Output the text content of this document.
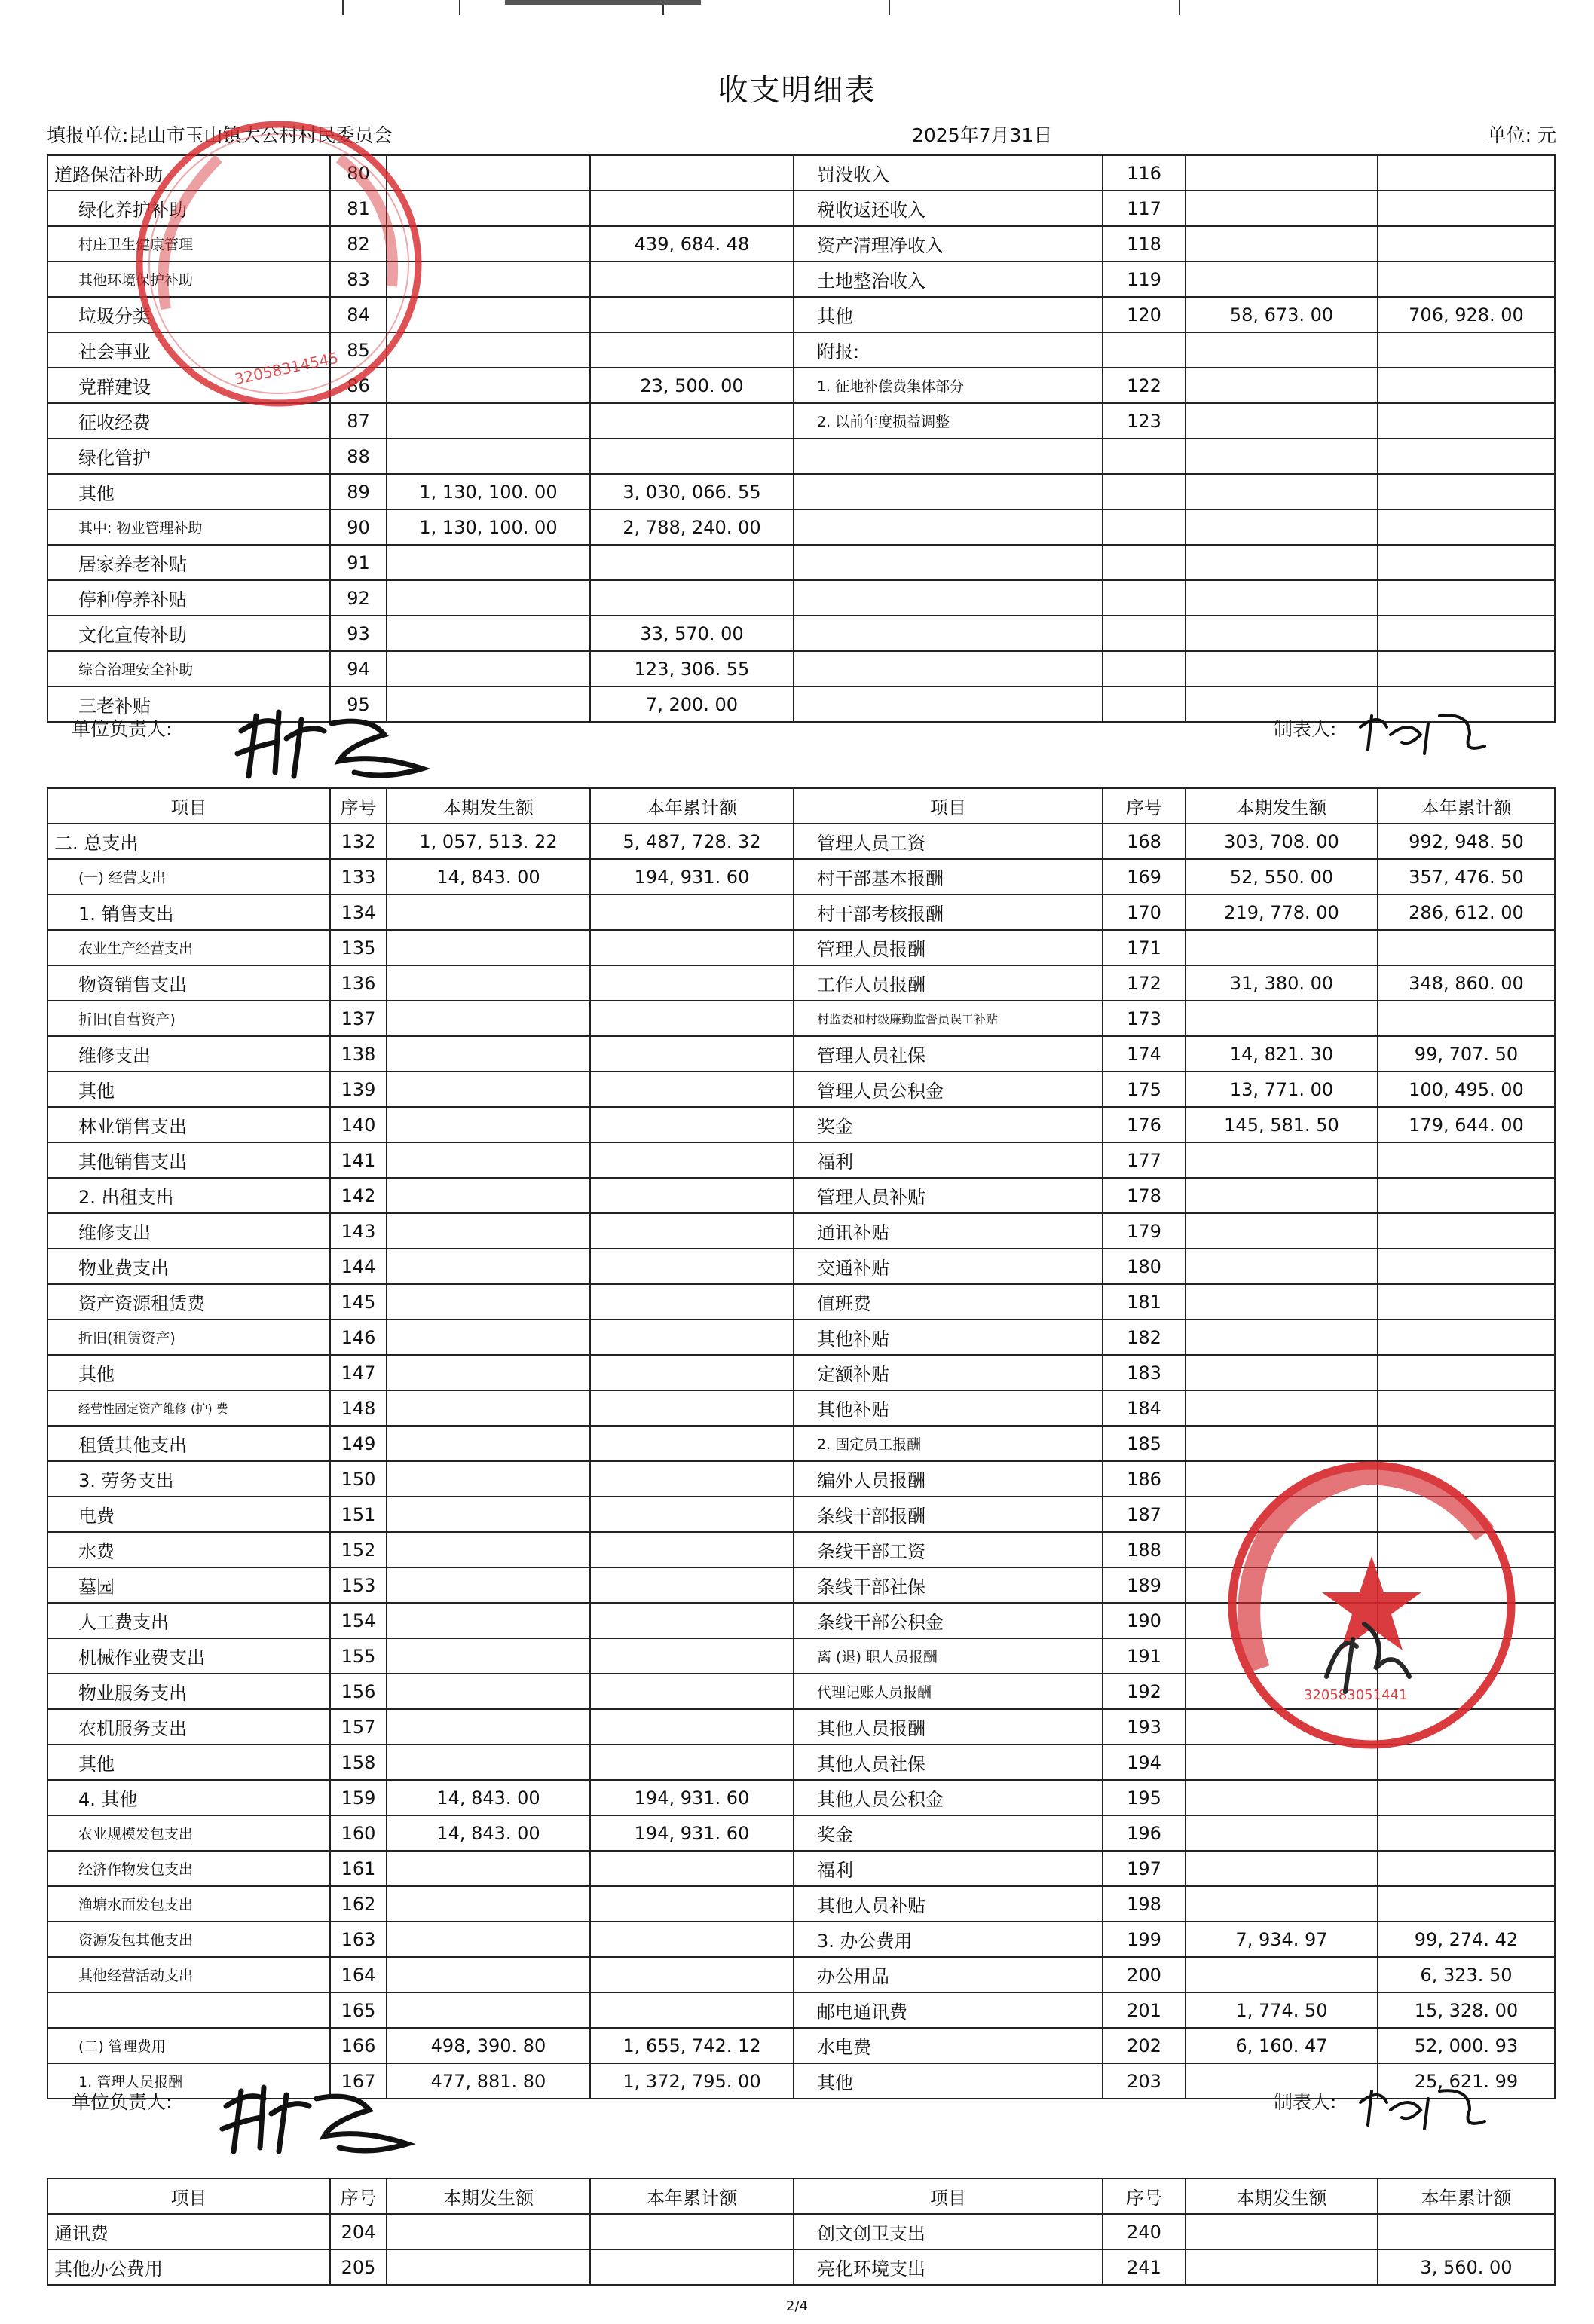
收支明细表
填报单位:昆山市玉山镇大公村村民委员会	2025年7月31日	单位: 元
道路保洁补助	80			罚没收入	116		
绿化养护补助	81			税收返还收入	117		
村庄卫生健康管理	82		439, 684. 48	资产清理净收入	118		
其他环境保护补助	83			土地整治收入	119		
垃圾分类	84			其他	120	58, 673. 00	706, 928. 00
社会事业	85			附报:			
党群建设	86		23, 500. 00	1. 征地补偿费集体部分	122		
征收经费	87			2. 以前年度损益调整	123		
绿化管护	88						
其他	89	1, 130, 100. 00	3, 030, 066. 55				
其中: 物业管理补助	90	1, 130, 100. 00	2, 788, 240. 00				
居家养老补贴	91						
停种停养补贴	92						
文化宣传补助	93		33, 570. 00				
综合治理安全补助	94		123, 306. 55				
三老补贴	95		7, 200. 00				
单位负责人:	制表人:
项目	序号	本期发生额	本年累计额	项目	序号	本期发生额	本年累计额
二. 总支出	132	1, 057, 513. 22	5, 487, 728. 32	管理人员工资	168	303, 708. 00	992, 948. 50
(一) 经营支出	133	14, 843. 00	194, 931. 60	村干部基本报酬	169	52, 550. 00	357, 476. 50
1. 销售支出	134			村干部考核报酬	170	219, 778. 00	286, 612. 00
农业生产经营支出	135			管理人员报酬	171		
物资销售支出	136			工作人员报酬	172	31, 380. 00	348, 860. 00
折旧(自营资产)	137			村监委和村级廉勤监督员误工补贴	173		
维修支出	138			管理人员社保	174	14, 821. 30	99, 707. 50
其他	139			管理人员公积金	175	13, 771. 00	100, 495. 00
林业销售支出	140			奖金	176	145, 581. 50	179, 644. 00
其他销售支出	141			福利	177		
2. 出租支出	142			管理人员补贴	178		
维修支出	143			通讯补贴	179		
物业费支出	144			交通补贴	180		
资产资源租赁费	145			值班费	181		
折旧(租赁资产)	146			其他补贴	182		
其他	147			定额补贴	183		
经营性固定资产维修 (护) 费	148			其他补贴	184		
租赁其他支出	149			2. 固定员工报酬	185		
3. 劳务支出	150			编外人员报酬	186		
电费	151			条线干部报酬	187		
水费	152			条线干部工资	188		
墓园	153			条线干部社保	189		
人工费支出	154			条线干部公积金	190		
机械作业费支出	155			离 (退) 职人员报酬	191		
物业服务支出	156			代理记账人员报酬	192		
农机服务支出	157			其他人员报酬	193		
其他	158			其他人员社保	194		
4. 其他	159	14, 843. 00	194, 931. 60	其他人员公积金	195		
农业规模发包支出	160	14, 843. 00	194, 931. 60	奖金	196		
经济作物发包支出	161			福利	197		
渔塘水面发包支出	162			其他人员补贴	198		
资源发包其他支出	163			3. 办公费用	199	7, 934. 97	99, 274. 42
其他经营活动支出	164			办公用品	200		6, 323. 50
	165			邮电通讯费	201	1, 774. 50	15, 328. 00
(二) 管理费用	166	498, 390. 80	1, 655, 742. 12	水电费	202	6, 160. 47	52, 000. 93
1. 管理人员报酬	167	477, 881. 80	1, 372, 795. 00	其他	203		25, 621. 99
单位负责人:	制表人:
项目	序号	本期发生额	本年累计额	项目	序号	本期发生额	本年累计额
通讯费	204			创文创卫支出	240		
其他办公费用	205			亮化环境支出	241		3, 560. 00
32058314545
320583051441
2/4
